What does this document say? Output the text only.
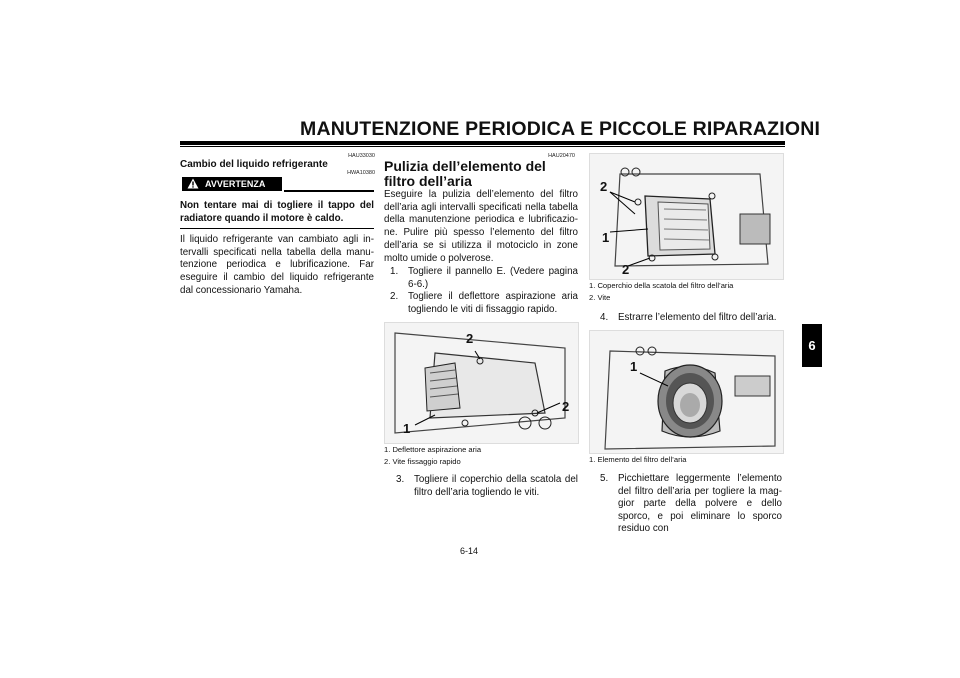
MANUTENZIONE PERIODICA E PICCOLE RIPARAZIONI
6
HAU33030
Cambio del liquido refrigerante
AVVERTENZA
HWA10380
Non tentare mai di togliere il tappo del radiatore quando il motore è caldo.
Il liquido refrigerante van cambiato agli in-tervalli specificati nella tabella della manu-tenzione periodica e lubrificazione. Far eseguire il cambio del liquido refrigerante dal concessionario Yamaha.
HAU20470
Pulizia dell’elemento del filtro dell’aria
Eseguire la pulizia dell’elemento del filtro dell’aria agli intervalli specificati nella tabella della manutenzione periodica e lubrificazio-ne. Pulire più spesso l’elemento del filtro dell’aria se si utilizza il motociclo in zone molto umide o polverose.
1.	Togliere il pannello E. (Vedere pagina 6-6.)
2.	Togliere il deflettore aspirazione aria togliendo le viti di fissaggio rapido.
2
2
1
1. Deflettore aspirazione aria
2. Vite fissaggio rapido
3.	Togliere il coperchio della scatola del filtro dell’aria togliendo le viti.
2
1
2
1. Coperchio della scatola del filtro dell’aria
2. Vite
4.	Estrarre l’elemento del filtro dell’aria.
1
1. Elemento del filtro dell’aria
5.	Picchiettare leggermente l’elemento del filtro dell’aria per togliere la mag-gior parte della polvere e dello sporco, e poi eliminare lo sporco residuo con
6-14
